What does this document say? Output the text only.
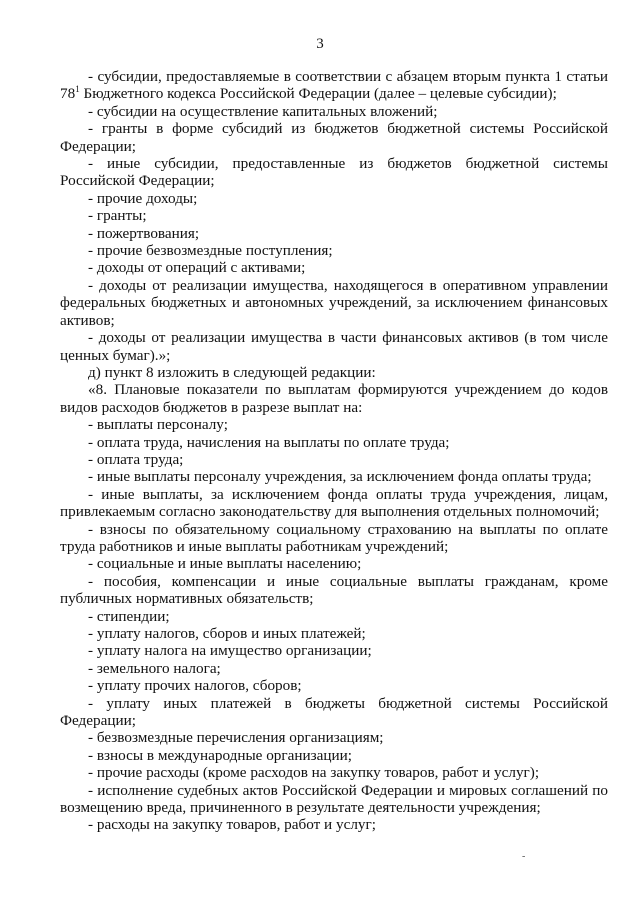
3

- субсидии, предоставляемые в соответствии с абзацем вторым пункта 1 статьи $78^1$ Бюджетного кодекса Российской Федерации (далее – целевые субсидии);

- субсидии на осуществление капитальных вложений;

- гранты в форме субсидий из бюджетов бюджетной системы Российской Федерации;

- иные субсидии, предоставленные из бюджетов бюджетной системы Российской Федерации;

- прочие доходы;

- гранты;

- пожертвования;

- прочие безвозмездные поступления;

- доходы от операций с активами;

- доходы от реализации имущества, находящегося в оперативном управлении федеральных бюджетных и автономных учреждений, за исключением финансовых активов;

- доходы от реализации имущества в части финансовых активов (в том числе ценных бумаг).»;

д) пункт 8 изложить в следующей редакции:

«8. Плановые показатели по выплатам формируются учреждением до кодов видов расходов бюджетов в разрезе выплат на:

- выплаты персоналу;

- оплата труда, начисления на выплаты по оплате труда;

- оплата труда;

- иные выплаты персоналу учреждения, за исключением фонда оплаты труда;

- иные выплаты, за исключением фонда оплаты труда учреждения, лицам, привлекаемым согласно законодательству для выполнения отдельных полномочий;

- взносы по обязательному социальному страхованию на выплаты по оплате труда работников и иные выплаты работникам учреждений;

- социальные и иные выплаты населению;

- пособия, компенсации и иные социальные выплаты гражданам, кроме публичных нормативных обязательств;

- стипендии;

- уплату налогов, сборов и иных платежей;

- уплату налога на имущество организации;

- земельного налога;

- уплату прочих налогов, сборов;

- уплату иных платежей в бюджеты бюджетной системы Российской Федерации;

- безвозмездные перечисления организациям;

- взносы в международные организации;

- прочие расходы (кроме расходов на закупку товаров, работ и услуг);

- исполнение судебных актов Российской Федерации и мировых соглашений по возмещению вреда, причиненного в результате деятельности учреждения;

- расходы на закупку товаров, работ и услуг;

-
